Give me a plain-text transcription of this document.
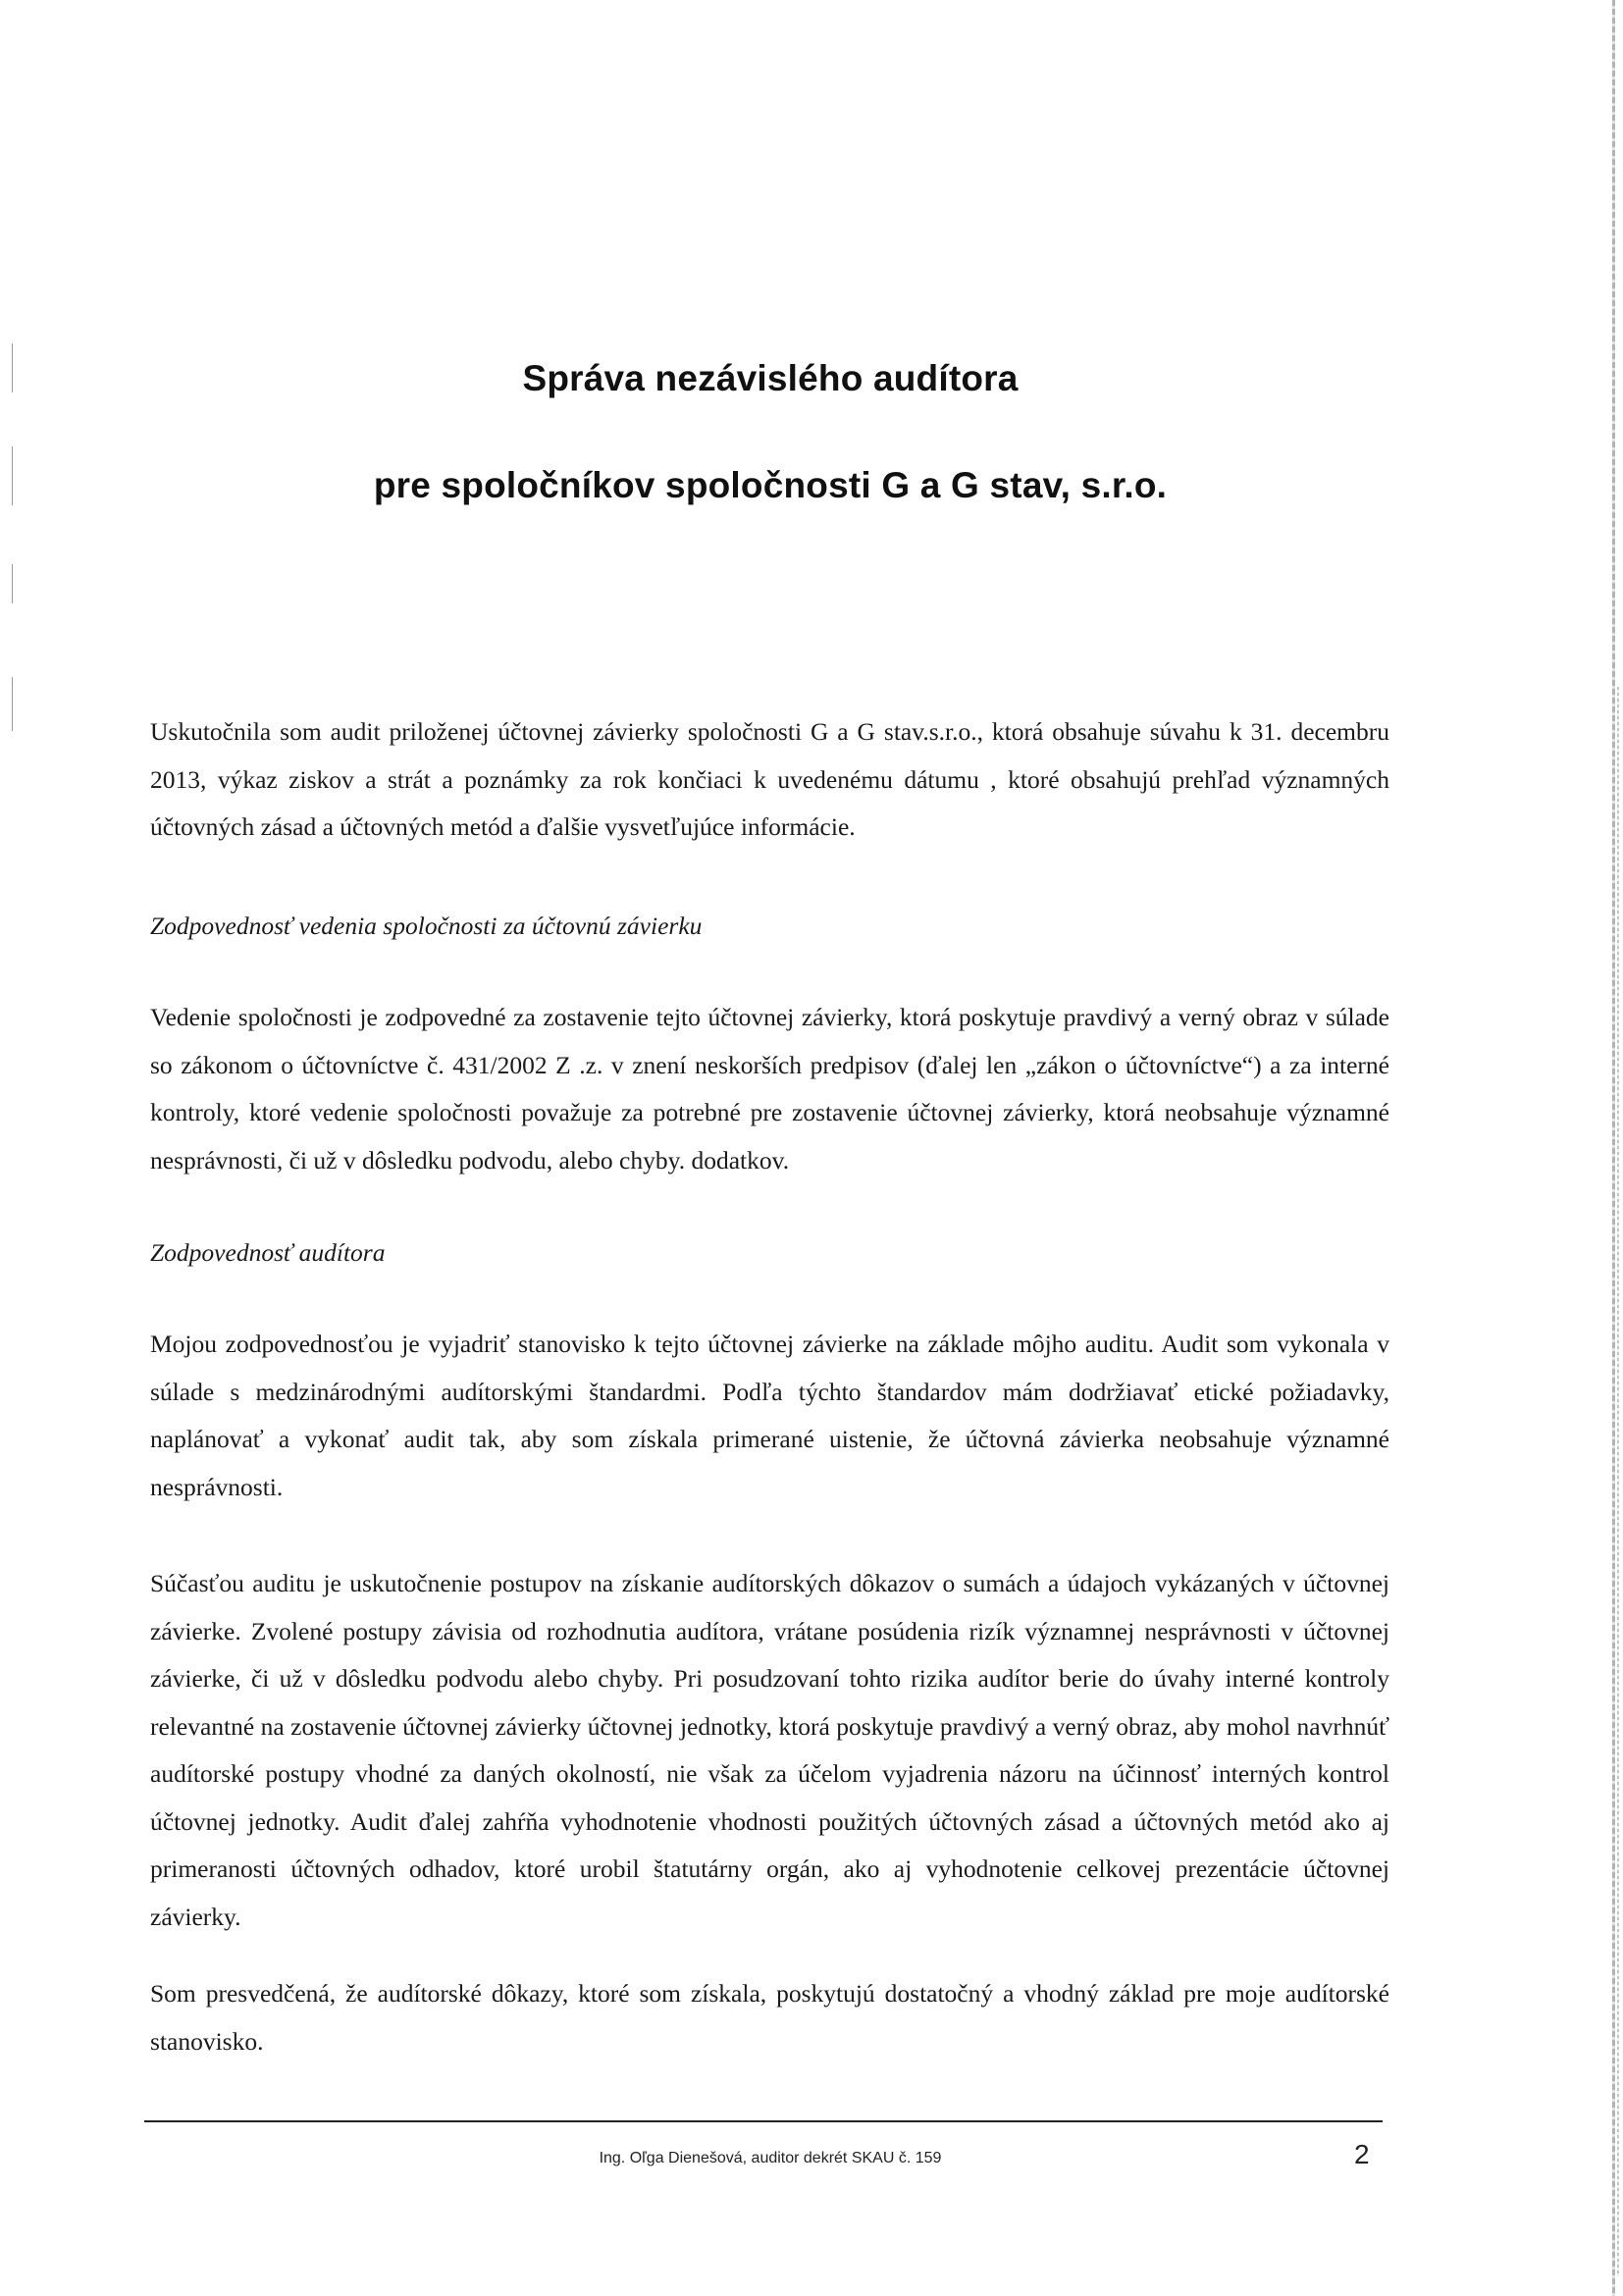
Správa nezávislého audítora
pre spoločníkov spoločnosti G a G stav, s.r.o.

Uskutočnila som audit priloženej účtovnej závierky spoločnosti G a G stav.s.r.o., ktorá obsahuje súvahu k 31. decembru 2013, výkaz ziskov a strát a poznámky za rok končiaci k uvedenému dátumu , ktoré obsahujú prehľad významných účtovných zásad a účtovných metód a ďalšie vysvetľujúce informácie.

Zodpovednosť vedenia spoločnosti za účtovnú závierku

Vedenie spoločnosti je zodpovedné za zostavenie tejto účtovnej závierky, ktorá poskytuje pravdivý a verný obraz v súlade so zákonom o účtovníctve č. 431/2002 Z .z. v znení neskorších predpisov (ďalej len „zákon o účtovníctve“) a za interné kontroly, ktoré vedenie spoločnosti považuje za potrebné pre zostavenie účtovnej závierky, ktorá neobsahuje významné nesprávnosti, či už v dôsledku podvodu, alebo chyby. dodatkov.

Zodpovednosť audítora

Mojou zodpovednosťou je vyjadriť stanovisko k tejto účtovnej závierke na základe môjho auditu. Audit som vykonala v súlade s medzinárodnými audítorskými štandardmi. Podľa týchto štandardov mám dodržiavať etické požiadavky, naplánovať a vykonať audit tak, aby som získala primerané uistenie, že účtovná závierka neobsahuje významné nesprávnosti.

Súčasťou auditu je uskutočnenie postupov na získanie audítorských dôkazov o sumách a údajoch vykázaných v účtovnej závierke. Zvolené postupy závisia od rozhodnutia audítora, vrátane posúdenia rizík významnej nesprávnosti v účtovnej závierke, či už v dôsledku podvodu alebo chyby. Pri posudzovaní tohto rizika audítor berie do úvahy interné kontroly relevantné na zostavenie účtovnej závierky účtovnej jednotky, ktorá poskytuje pravdivý a verný obraz, aby mohol navrhnúť audítorské postupy vhodné za daných okolností, nie však za účelom vyjadrenia názoru na účinnosť interných kontrol účtovnej jednotky. Audit ďalej zahŕňa vyhodnotenie vhodnosti použitých účtovných zásad a účtovných metód ako aj primeranosti účtovných odhadov, ktoré urobil štatutárny orgán, ako aj vyhodnotenie celkovej prezentácie účtovnej závierky.

Som presvedčená, že audítorské dôkazy, ktoré som získala, poskytujú dostatočný a vhodný základ pre moje audítorské stanovisko.

Ing. Oľga Dienešová, auditor dekrét SKAU č. 159	2
